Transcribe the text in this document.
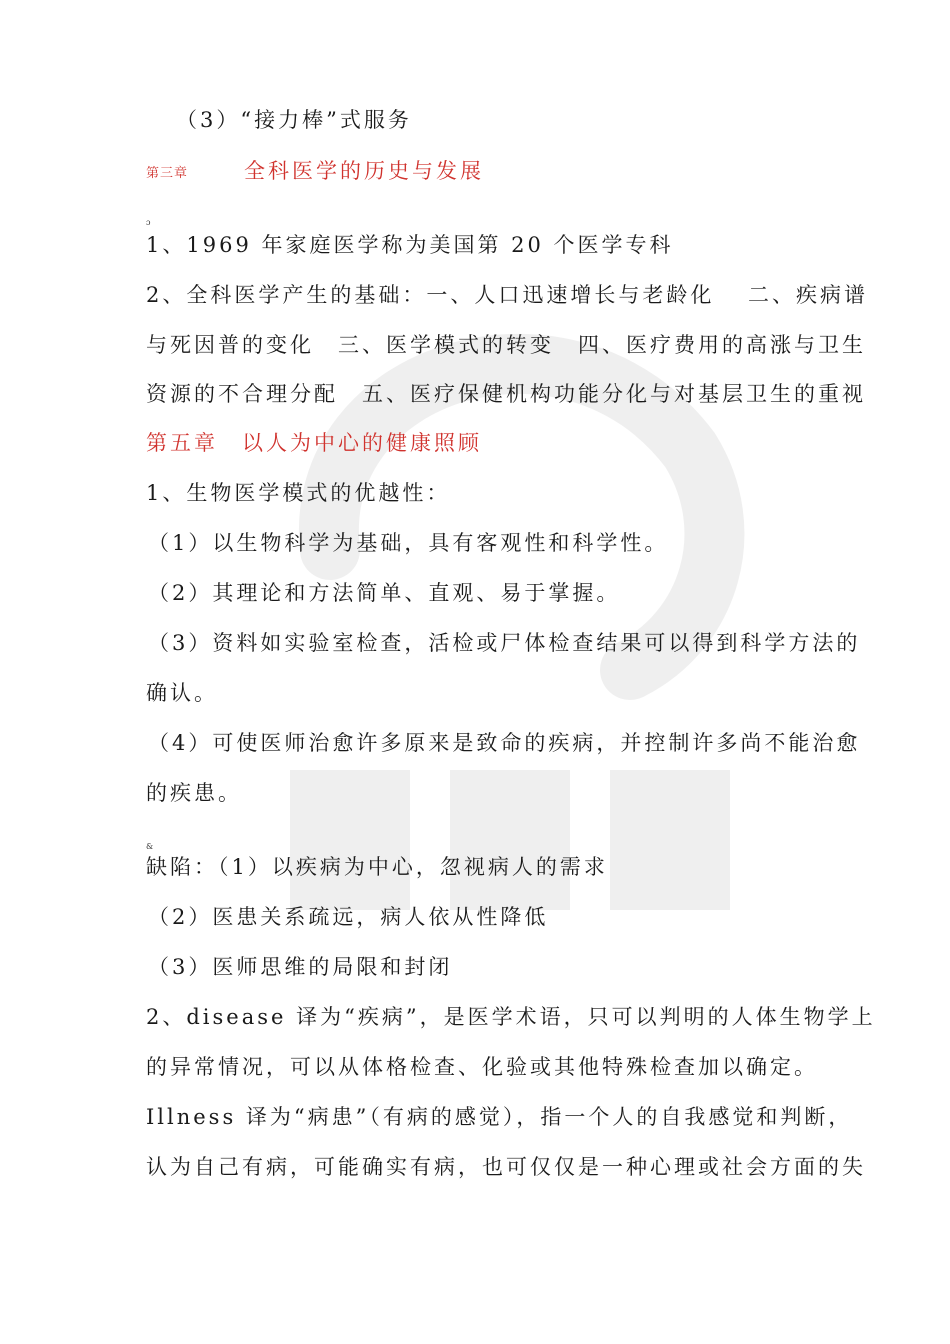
（3）“接力棒”式服务
第三章	全科医学的历史与发展
ɔ
1、1969 年家庭医学称为美国第 20 个医学专科
2、全科医学产生的基础：一、人口迅速增长与老龄化　 二、疾病谱
与死因普的变化　三、医学模式的转变　四、医疗费用的高涨与卫生
资源的不合理分配　五、医疗保健机构功能分化与对基层卫生的重视
第五章　以人为中心的健康照顾
1、生物医学模式的优越性：
（1）以生物科学为基础，具有客观性和科学性。
（2）其理论和方法简单、直观、易于掌握。
（3）资料如实验室检查，活检或尸体检查结果可以得到科学方法的
确认。
（4）可使医师治愈许多原来是致命的疾病，并控制许多尚不能治愈
的疾患。
&
缺陷：（1）以疾病为中心，忽视病人的需求
（2）医患关系疏远，病人依从性降低
（3）医师思维的局限和封闭
2、disease 译为“疾病”，是医学术语，只可以判明的人体生物学上
的异常情况，可以从体格检查、化验或其他特殊检查加以确定。
Illness 译为“病患”（有病的感觉），指一个人的自我感觉和判断，
认为自己有病，可能确实有病，也可仅仅是一种心理或社会方面的失
